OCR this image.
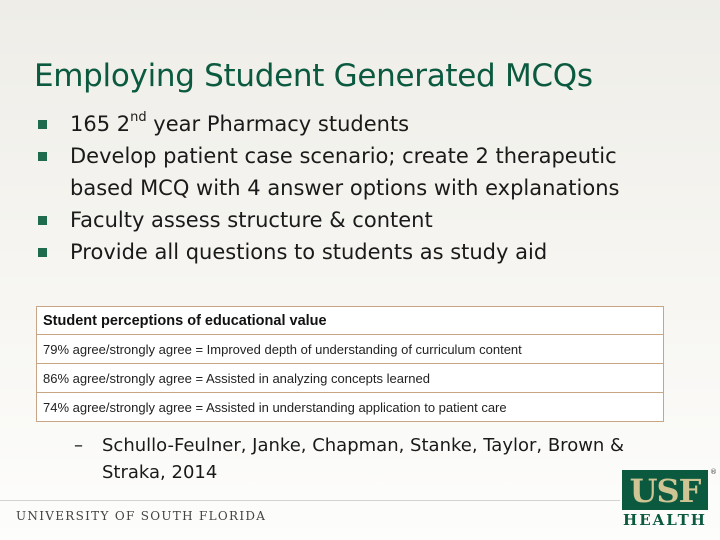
Employing Student Generated MCQs
165 2nd year Pharmacy students
Develop patient case scenario; create 2 therapeutic based MCQ with 4 answer options with explanations
Faculty assess structure & content
Provide all questions to students as study aid
Student perceptions of educational value
79% agree/strongly agree = Improved depth of understanding of curriculum content
86% agree/strongly agree = Assisted in analyzing concepts learned
74% agree/strongly agree = Assisted in understanding application to patient care
– Schullo-Feulner, Janke, Chapman, Stanke, Taylor, Brown & Straka, 2014
UNIVERSITY OF SOUTH FLORIDA
USF
HEALTH
®
